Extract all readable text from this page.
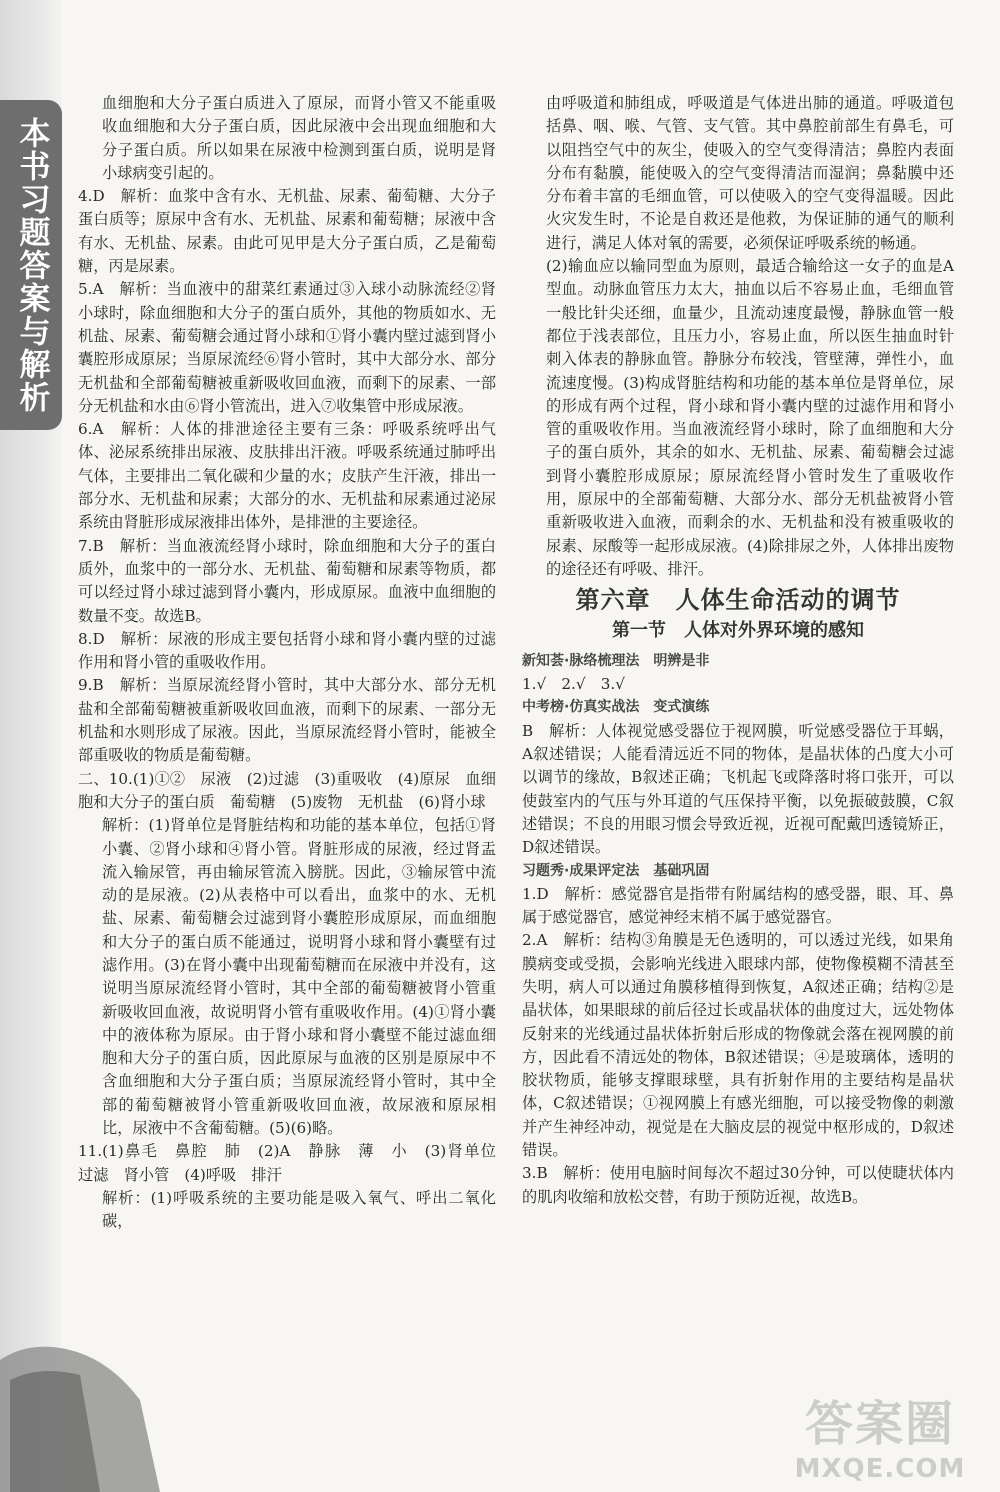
本书习题答案与解析

血细胞和大分子蛋白质进入了原尿，而肾小管又不能重吸收血细胞和大分子蛋白质，因此尿液中会出现血细胞和大分子蛋白质。所以如果在尿液中检测到蛋白质，说明是肾小球病变引起的。

4.D　解析：血浆中含有水、无机盐、尿素、葡萄糖、大分子蛋白质等；原尿中含有水、无机盐、尿素和葡萄糖；尿液中含有水、无机盐、尿素。由此可见甲是大分子蛋白质，乙是葡萄糖，丙是尿素。

5.A　解析：当血液中的甜菜红素通过③入球小动脉流经②肾小球时，除血细胞和大分子的蛋白质外，其他的物质如水、无机盐、尿素、葡萄糖会通过肾小球和①肾小囊内壁过滤到肾小囊腔形成原尿；当原尿流经⑥肾小管时，其中大部分水、部分无机盐和全部葡萄糖被重新吸收回血液，而剩下的尿素、一部分无机盐和水由⑥肾小管流出，进入⑦收集管中形成尿液。

6.A　解析：人体的排泄途径主要有三条：呼吸系统呼出气体、泌尿系统排出尿液、皮肤排出汗液。呼吸系统通过肺呼出气体，主要排出二氧化碳和少量的水；皮肤产生汗液，排出一部分水、无机盐和尿素；大部分的水、无机盐和尿素通过泌尿系统由肾脏形成尿液排出体外，是排泄的主要途径。

7.B　解析：当血液流经肾小球时，除血细胞和大分子的蛋白质外，血浆中的一部分水、无机盐、葡萄糖和尿素等物质，都可以经过肾小球过滤到肾小囊内，形成原尿。血液中血细胞的数量不变。故选B。

8.D　解析：尿液的形成主要包括肾小球和肾小囊内壁的过滤作用和肾小管的重吸收作用。

9.B　解析：当原尿流经肾小管时，其中大部分水、部分无机盐和全部葡萄糖被重新吸收回血液，而剩下的尿素、一部分无机盐和水则形成了尿液。因此，当原尿流经肾小管时，能被全部重吸收的物质是葡萄糖。

二、10.(1)①②　尿液　(2)过滤　(3)重吸收　(4)原尿　血细胞和大分子的蛋白质　葡萄糖　(5)废物　无机盐　(6)肾小球

解析：(1)肾单位是肾脏结构和功能的基本单位，包括①肾小囊、②肾小球和④肾小管。肾脏形成的尿液，经过肾盂流入输尿管，再由输尿管流入膀胱。因此，③输尿管中流动的是尿液。(2)从表格中可以看出，血浆中的水、无机盐、尿素、葡萄糖会过滤到肾小囊腔形成原尿，而血细胞和大分子的蛋白质不能通过，说明肾小球和肾小囊壁有过滤作用。(3)在肾小囊中出现葡萄糖而在尿液中并没有，这说明当原尿流经肾小管时，其中全部的葡萄糖被肾小管重新吸收回血液，故说明肾小管有重吸收作用。(4)①肾小囊中的液体称为原尿。由于肾小球和肾小囊壁不能过滤血细胞和大分子的蛋白质，因此原尿与血液的区别是原尿中不含血细胞和大分子蛋白质；当原尿流经肾小管时，其中全部的葡萄糖被肾小管重新吸收回血液，故尿液和原尿相比，尿液中不含葡萄糖。(5)(6)略。

11.(1)鼻毛　鼻腔　肺　(2)A　静脉　薄　小　(3)肾单位　过滤　肾小管　(4)呼吸　排汗

解析：(1)呼吸系统的主要功能是吸入氧气、呼出二氧化碳，

由呼吸道和肺组成，呼吸道是气体进出肺的通道。呼吸道包括鼻、咽、喉、气管、支气管。其中鼻腔前部生有鼻毛，可以阻挡空气中的灰尘，使吸入的空气变得清洁；鼻腔内表面分布有黏膜，能使吸入的空气变得清洁而湿润；鼻黏膜中还分布着丰富的毛细血管，可以使吸入的空气变得温暖。因此火灾发生时，不论是自救还是他救，为保证肺的通气的顺利进行，满足人体对氧的需要，必须保证呼吸系统的畅通。

(2)输血应以输同型血为原则，最适合输给这一女子的血是A型血。动脉血管压力太大，抽血以后不容易止血，毛细血管一般比针尖还细，血量少，且流动速度最慢，静脉血管一般都位于浅表部位，且压力小，容易止血，所以医生抽血时针刺入体表的静脉血管。静脉分布较浅，管壁薄，弹性小，血流速度慢。(3)构成肾脏结构和功能的基本单位是肾单位，尿的形成有两个过程，肾小球和肾小囊内壁的过滤作用和肾小管的重吸收作用。当血液流经肾小球时，除了血细胞和大分子的蛋白质外，其余的如水、无机盐、尿素、葡萄糖会过滤到肾小囊腔形成原尿；原尿流经肾小管时发生了重吸收作用，原尿中的全部葡萄糖、大部分水、部分无机盐被肾小管重新吸收进入血液，而剩余的水、无机盐和没有被重吸收的尿素、尿酸等一起形成尿液。(4)除排尿之外，人体排出废物的途径还有呼吸、排汗。

第六章　人体生命活动的调节
第一节　人体对外界环境的感知

新知荟·脉络梳理法　明辨是非

1.√　2.√　3.√

中考榜·仿真实战法　变式演练

B　解析：人体视觉感受器位于视网膜，听觉感受器位于耳蜗，A叙述错误；人能看清远近不同的物体，是晶状体的凸度大小可以调节的缘故，B叙述正确；飞机起飞或降落时将口张开，可以使鼓室内的气压与外耳道的气压保持平衡，以免振破鼓膜，C叙述错误；不良的用眼习惯会导致近视，近视可配戴凹透镜矫正，D叙述错误。

习题秀·成果评定法　基础巩固

1.D　解析：感觉器官是指带有附属结构的感受器，眼、耳、鼻属于感觉器官，感觉神经末梢不属于感觉器官。

2.A　解析：结构③角膜是无色透明的，可以透过光线，如果角膜病变或受损，会影响光线进入眼球内部，使物像模糊不清甚至失明，病人可以通过角膜移植得到恢复，A叙述正确；结构②是晶状体，如果眼球的前后径过长或晶状体的曲度过大，远处物体反射来的光线通过晶状体折射后形成的物像就会落在视网膜的前方，因此看不清远处的物体，B叙述错误；④是玻璃体，透明的胶状物质，能够支撑眼球壁，具有折射作用的主要结构是晶状体，C叙述错误；①视网膜上有感光细胞，可以接受物像的刺激并产生神经冲动，视觉是在大脑皮层的视觉中枢形成的，D叙述错误。

3.B　解析：使用电脑时间每次不超过30分钟，可以使睫状体内的肌肉收缩和放松交替，有助于预防近视，故选B。

答案圈
MXQE.COM
